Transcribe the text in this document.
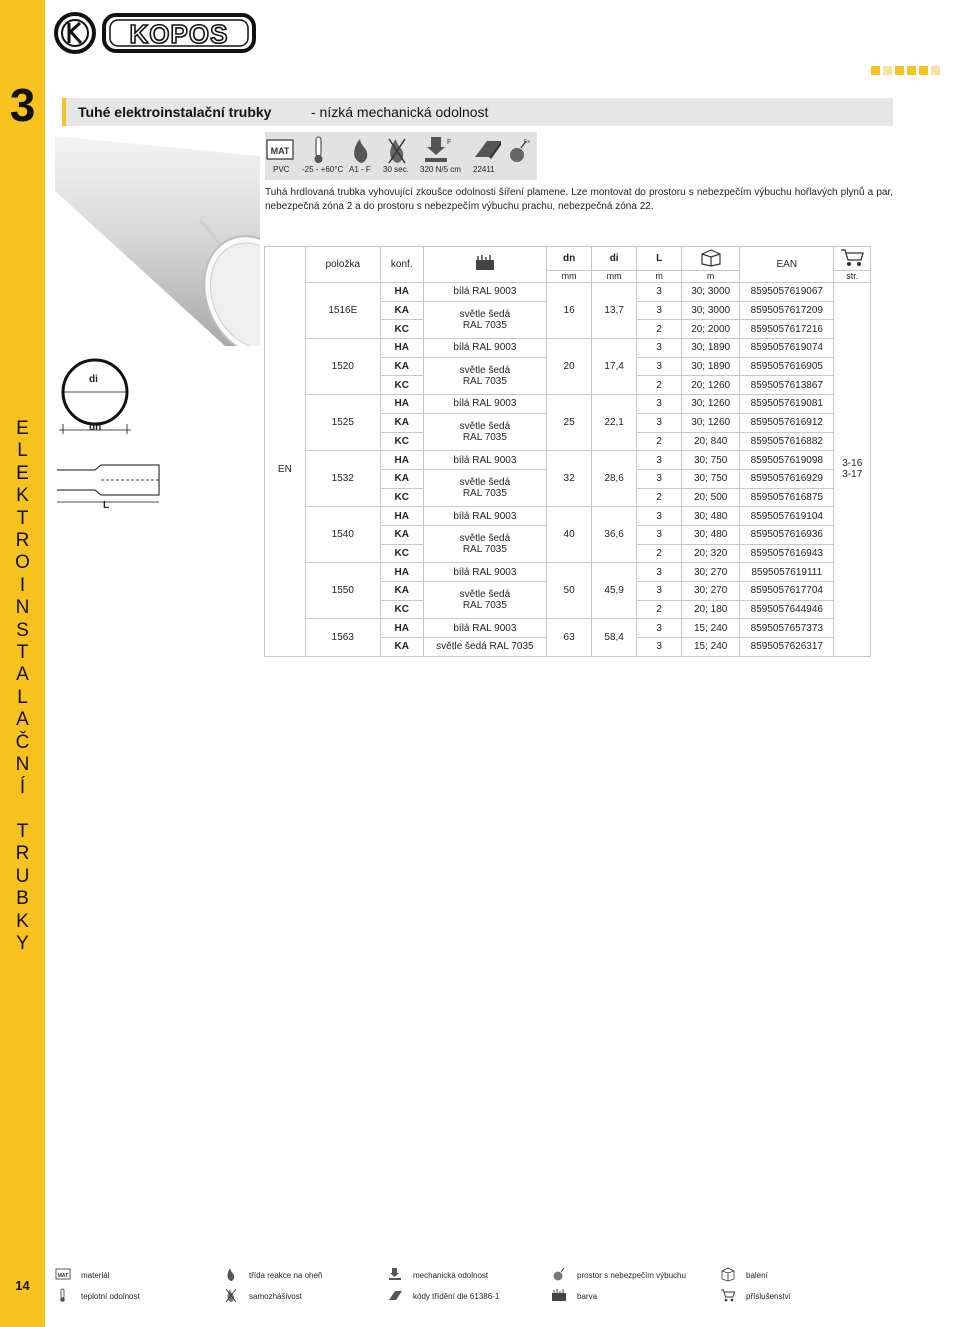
3
E
L
E
K
T
R
O
I
N
S
T
A
L
A
Č
N
Í
T
R
U
B
K
Y
14
KOPOS
Tuhé elektroinstalační trubky	- nízká mechanická odolnost
di
dn
L
MAT
F	Ex
PVC -25 - +60°C A1 - F 30 sec. 320 N/5 cm 22411
Tuhá hrdlovaná trubka vyhovující zkoušce odolnosti šíření plamene. Lze montovat do prostoru s nebezpečím výbuchu hořlavých plynů a par, nebezpečná zóna 2 a do prostoru s nebezpečím výbuchu prachu, nebezpečná zóna 22.
	položka	konf.		dn	di	L		EAN	
				mm	mm	m	m		str.
EN	1516E	HA	bílá RAL 9003	16	13,7	3	30; 3000	8595057619067	3-16
3-17
		KA	světle šedá
RAL 7035			3	30; 3000	8595057617209	
		KC				2	20; 2000	8595057617216	
	1520	HA	bílá RAL 9003	20	17,4	3	30; 1890	8595057619074	
		KA	světle šedá
RAL 7035			3	30; 1890	8595057616905	
		KC				2	20; 1260	8595057613867	
	1525	HA	bílá RAL 9003	25	22,1	3	30; 1260	8595057619081	
		KA	světle šedá
RAL 7035			3	30; 1260	8595057616912	
		KC				2	20; 840	8595057616882	
	1532	HA	bílá RAL 9003	32	28,6	3	30; 750	8595057619098	
		KA	světle šedá
RAL 7035			3	30; 750	8595057616929	
		KC				2	20; 500	8595057616875	
	1540	HA	bílá RAL 9003	40	36,6	3	30; 480	8595057619104	
		KA	světle šedá
RAL 7035			3	30; 480	8595057616936	
		KC				2	20; 320	8595057616943	
	1550	HA	bílá RAL 9003	50	45,9	3	30; 270	8595057619111	
		KA	světle šedá
RAL 7035			3	30; 270	8595057617704	
		KC				2	20; 180	8595057644946	
	1563	HA	bílá RAL 9003	63	58,4	3	15; 240	8595057657373	
		KA	světle šedá RAL 7035			3	15; 240	8595057626317	
MAT materiál
teplotní odolnost
třída reakce na oheň
samozhášivost
mechanická odolnost
kódy třídění dle 61386-1
prostor s nebezpečím výbuchu
barva
balení
příslušenství
